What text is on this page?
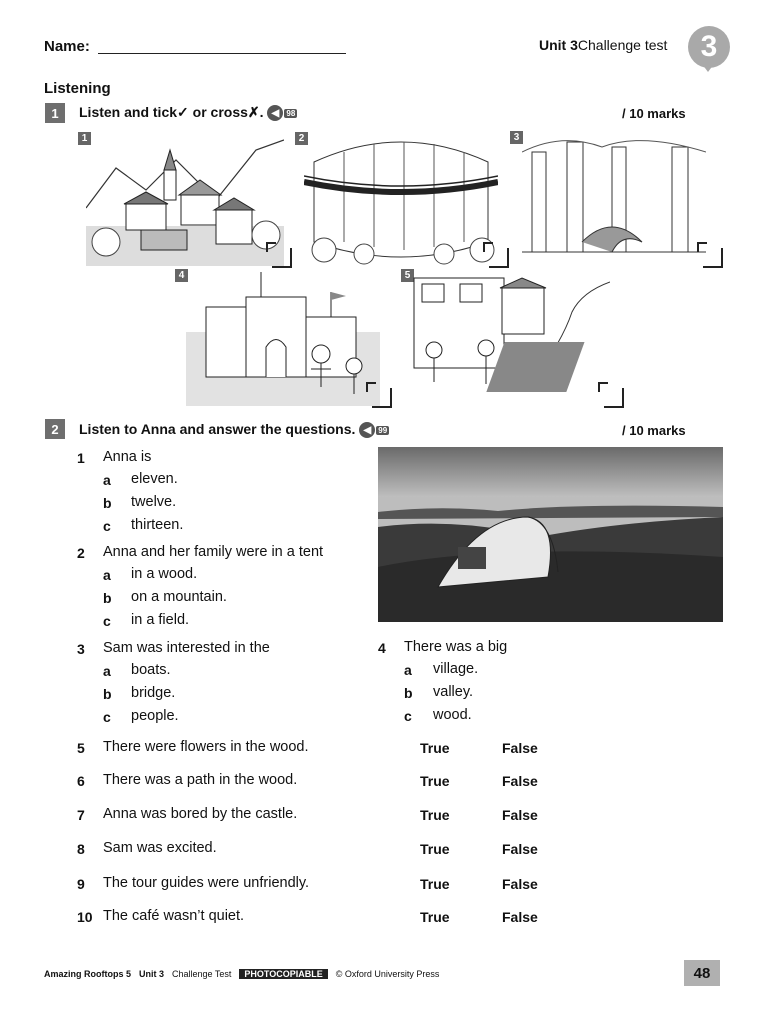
Name:	Unit 3Challenge test	3
Listening
1	Listen and tick✓ or cross✗. ◀ 98	/ 10 marks
1	2	3
4	5
2	Listen to Anna and answer the questions. ◀ 99	/ 10 marks
1 Anna is
a eleven.
b twelve.
c thirteen.
2 Anna and her family were in a tent
a in a wood.
b on a mountain.
c in a field.
3 Sam was interested in the
a boats.
b bridge.
c people.
4 There was a big
a village.
b valley.
c wood.
5 There were flowers in the wood.	True	False
6 There was a path in the wood.	True	False
7 Anna was bored by the castle.	True	False
8 Sam was excited.	True	False
9 The tour guides were unfriendly.	True	False
10 The café wasn’t quiet.	True	False
Amazing Rooftops 5 Unit 3 Challenge Test	PHOTOCOPIABLE	© Oxford University Press	48
